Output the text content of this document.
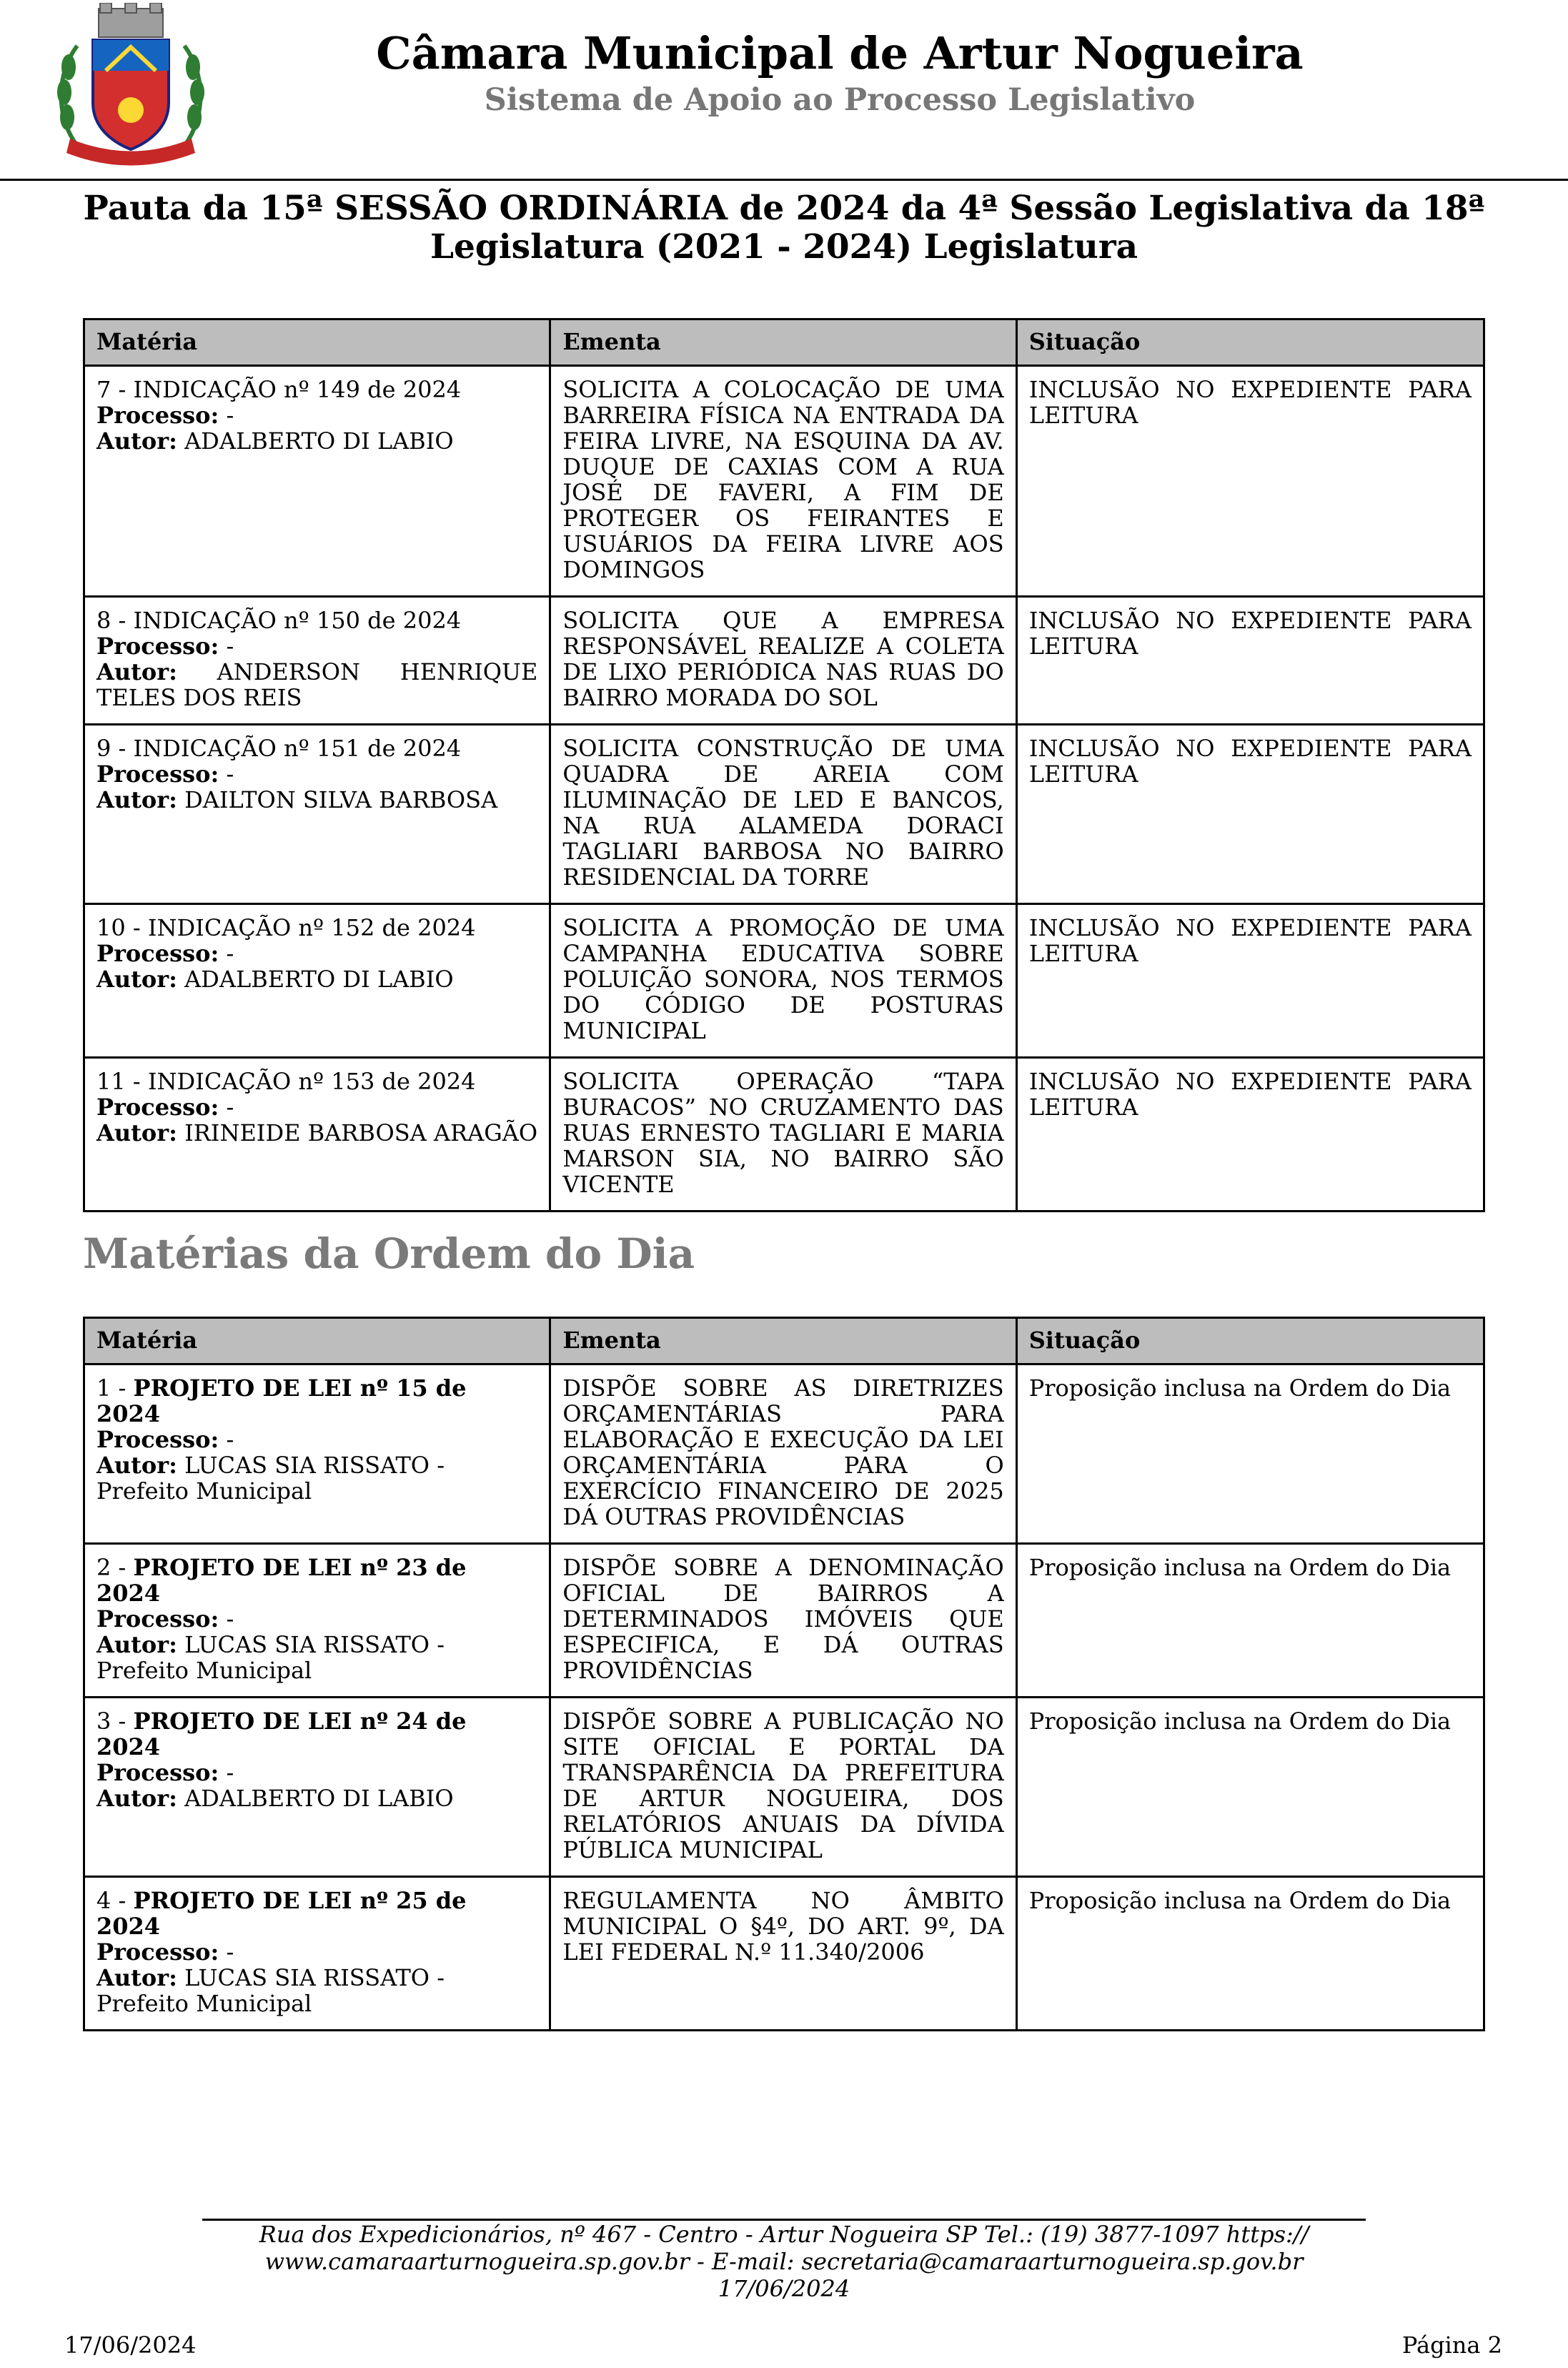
Câmara Municipal de Artur Nogueira
Sistema de Apoio ao Processo Legislativo
Pauta da 15ª SESSÃO ORDINÁRIA de 2024 da 4ª Sessão Legislativa da 18ª
Legislatura (2021 - 2024) Legislatura
Matéria	Ementa	Situação
7 - INDICAÇÃO nº 149 de 2024
Processo: -
Autor: ADALBERTO DI LABIO	SOLICITA A COLOCAÇÃO DE UMA BARREIRA FÍSICA NA ENTRADA DA FEIRA LIVRE, NA ESQUINA DA AV. DUQUE DE CAXIAS COM A RUA JOSÉ DE FAVERI, A FIM DE PROTEGER OS FEIRANTES E USUÁRIOS DA FEIRA LIVRE AOS DOMINGOS	INCLUSÃO NO EXPEDIENTE PARA LEITURA
8 - INDICAÇÃO nº 150 de 2024
Processo: -
Autor: ANDERSON HENRIQUE TELES DOS REIS	SOLICITA QUE A EMPRESA RESPONSÁVEL REALIZE A COLETA DE LIXO PERIÓDICA NAS RUAS DO BAIRRO MORADA DO SOL	INCLUSÃO NO EXPEDIENTE PARA LEITURA
9 - INDICAÇÃO nº 151 de 2024
Processo: -
Autor: DAILTON SILVA BARBOSA	SOLICITA CONSTRUÇÃO DE UMA QUADRA DE AREIA COM ILUMINAÇÃO DE LED E BANCOS, NA RUA ALAMEDA DORACI TAGLIARI BARBOSA NO BAIRRO RESIDENCIAL DA TORRE	INCLUSÃO NO EXPEDIENTE PARA LEITURA
10 - INDICAÇÃO nº 152 de 2024
Processo: -
Autor: ADALBERTO DI LABIO	SOLICITA A PROMOÇÃO DE UMA CAMPANHA EDUCATIVA SOBRE POLUIÇÃO SONORA, NOS TERMOS DO CÓDIGO DE POSTURAS MUNICIPAL	INCLUSÃO NO EXPEDIENTE PARA LEITURA
11 - INDICAÇÃO nº 153 de 2024
Processo: -
Autor: IRINEIDE BARBOSA ARAGÃO	SOLICITA OPERAÇÃO “TAPA BURACOS” NO CRUZAMENTO DAS RUAS ERNESTO TAGLIARI E MARIA MARSON SIA, NO BAIRRO SÃO VICENTE	INCLUSÃO NO EXPEDIENTE PARA LEITURA
Matérias da Ordem do Dia
Matéria	Ementa	Situação
1 - PROJETO DE LEI nº 15 de 2024
Processo: -
Autor: LUCAS SIA RISSATO - Prefeito Municipal	DISPÕE SOBRE AS DIRETRIZES ORÇAMENTÁRIAS PARA ELABORAÇÃO E EXECUÇÃO DA LEI ORÇAMENTÁRIA PARA O EXERCÍCIO FINANCEIRO DE 2025 DÁ OUTRAS PROVIDÊNCIAS	Proposição inclusa na Ordem do Dia
2 - PROJETO DE LEI nº 23 de 2024
Processo: -
Autor: LUCAS SIA RISSATO - Prefeito Municipal	DISPÕE SOBRE A DENOMINAÇÃO OFICIAL DE BAIRROS A DETERMINADOS IMÓVEIS QUE ESPECIFICA, E DÁ OUTRAS PROVIDÊNCIAS	Proposição inclusa na Ordem do Dia
3 - PROJETO DE LEI nº 24 de 2024
Processo: -
Autor: ADALBERTO DI LABIO	DISPÕE SOBRE A PUBLICAÇÃO NO SITE OFICIAL E PORTAL DA TRANSPARÊNCIA DA PREFEITURA DE ARTUR NOGUEIRA, DOS RELATÓRIOS ANUAIS DA DÍVIDA PÚBLICA MUNICIPAL	Proposição inclusa na Ordem do Dia
4 - PROJETO DE LEI nº 25 de 2024
Processo: -
Autor: LUCAS SIA RISSATO - Prefeito Municipal	REGULAMENTA NO ÂMBITO MUNICIPAL O §4º, DO ART. 9º, DA LEI FEDERAL N.º 11.340/2006	Proposição inclusa na Ordem do Dia
Rua dos Expedicionários, nº 467 - Centro - Artur Nogueira SP Tel.: (19) 3877-1097 https://
www.camaraarturnogueira.sp.gov.br - E-mail: secretaria@camaraarturnogueira.sp.gov.br
17/06/2024
17/06/2024	Página 2
